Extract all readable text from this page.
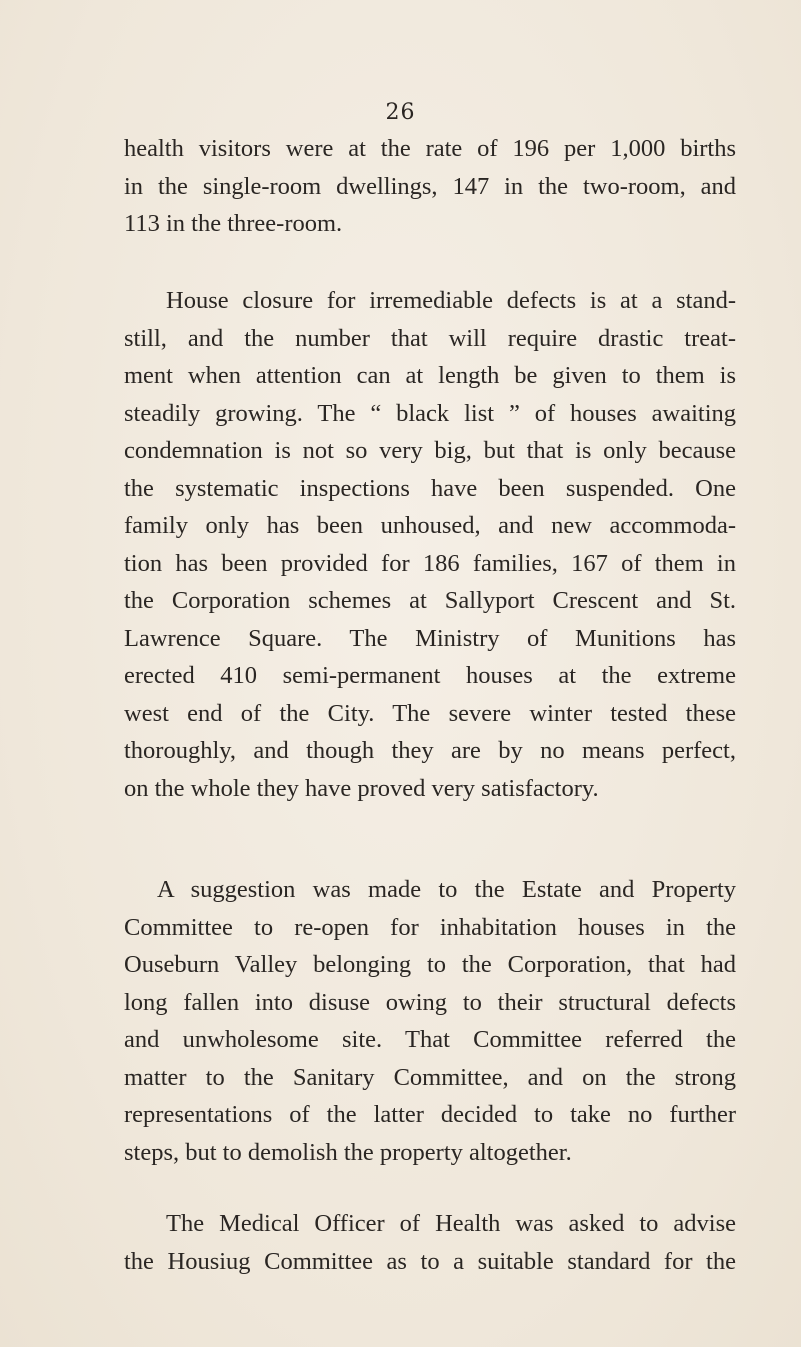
26
health visitors were at the rate of 196 per 1,000 births
in the single-room dwellings, 147 in the two-room, and
113 in the three-room.
House closure for irremediable defects is at a stand-
still, and the number that will require drastic treat-
ment when attention can at length be given to them is
steadily growing. The “ black list ” of houses awaiting
condemnation is not so very big, but that is only because
the systematic inspections have been suspended. One
family only has been unhoused, and new accommoda-
tion has been provided for 186 families, 167 of them in
the Corporation schemes at Sallyport Crescent and St.
Lawrence Square. The Ministry of Munitions has
erected 410 semi-permanent houses at the extreme
west end of the City. The severe winter tested these
thoroughly, and though they are by no means perfect,
on the whole they have proved very satisfactory.
A suggestion was made to the Estate and Property
Committee to re-open for inhabitation houses in the
Ouseburn Valley belonging to the Corporation, that had
long fallen into disuse owing to their structural defects
and unwholesome site. That Committee referred the
matter to the Sanitary Committee, and on the strong
representations of the latter decided to take no further
steps, but to demolish the property altogether.
The Medical Officer of Health was asked to advise
the Housiug Committee as to a suitable standard for the
